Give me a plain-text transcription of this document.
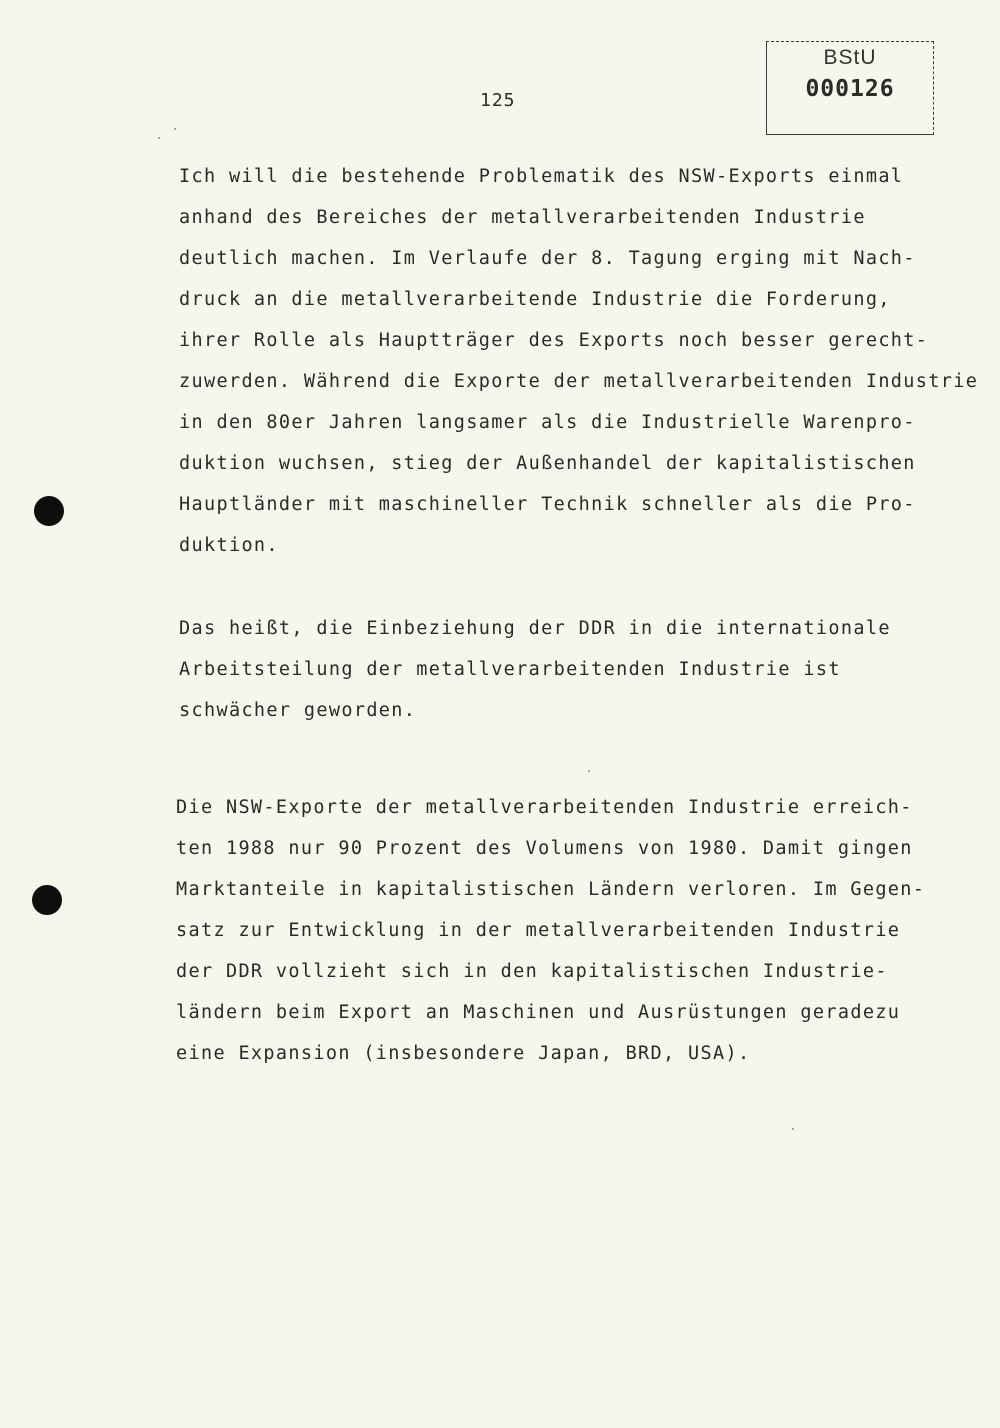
125
BStU
000126

Ich will die bestehende Problematik des NSW-Exports einmal

anhand des Bereiches der metallverarbeitenden Industrie

deutlich machen. Im Verlaufe der 8. Tagung erging mit Nach-

druck an die metallverarbeitende Industrie die Forderung,

ihrer Rolle als Hauptträger des Exports noch besser gerecht-

zuwerden. Während die Exporte der metallverarbeitenden Industrie

in den 80er Jahren langsamer als die Industrielle Warenpro-

duktion wuchsen, stieg der Außenhandel der kapitalistischen

Hauptländer mit maschineller Technik schneller als die Pro-

duktion.

Das heißt, die Einbeziehung der DDR in die internationale

Arbeitsteilung der metallverarbeitenden Industrie ist

schwächer geworden.

Die NSW-Exporte der metallverarbeitenden Industrie erreich-

ten 1988 nur 90 Prozent des Volumens von 1980. Damit gingen

Marktanteile in kapitalistischen Ländern verloren. Im Gegen-

satz zur Entwicklung in der metallverarbeitenden Industrie

der DDR vollzieht sich in den kapitalistischen Industrie-

ländern beim Export an Maschinen und Ausrüstungen geradezu

eine Expansion (insbesondere Japan, BRD, USA).
